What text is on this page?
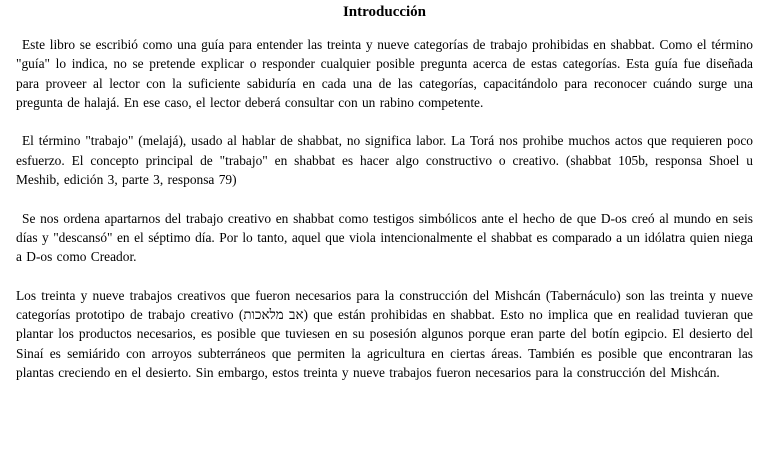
Introducción

Este libro se escribió como una guía para entender las treinta y nueve categorías de trabajo prohibidas en shabbat. Como el término "guía" lo indica, no se pretende explicar o responder cualquier posible pregunta acerca de estas categorías. Esta guía fue diseñada para proveer al lector con la suficiente sabiduría en cada una de las categorías, capacitándolo para reconocer cuándo surge una pregunta de halajá. En ese caso, el lector deberá consultar con un rabino competente.

El término "trabajo" (melajá), usado al hablar de shabbat, no significa labor. La Torá nos prohibe muchos actos que requieren poco esfuerzo. El concepto principal de "trabajo" en shabbat es hacer algo constructivo o creativo. (shabbat 105b, responsa Shoel u Meshib, edición 3, parte 3, responsa 79)

Se nos ordena apartarnos del trabajo creativo en shabbat como testigos simbólicos ante el hecho de que D-os creó al mundo en seis días y "descansó" en el séptimo día. Por lo tanto, aquel que viola intencionalmente el shabbat es comparado a un idólatra quien niega a D-os como Creador.

Los treinta y nueve trabajos creativos que fueron necesarios para la construcción del Mishcán (Tabernáculo) son las treinta y nueve categorías prototipo de trabajo creativo (אב מלאכות) que están prohibidas en shabbat. Esto no implica que en realidad tuvieran que plantar los productos necesarios, es posible que tuviesen en su posesión algunos porque eran parte del botín egipcio. El desierto del Sinaí es semiárido con arroyos subterráneos que permiten la agricultura en ciertas áreas. También es posible que encontraran las plantas creciendo en el desierto. Sin embargo, estos treinta y nueve trabajos fueron necesarios para la construcción del Mishcán.
